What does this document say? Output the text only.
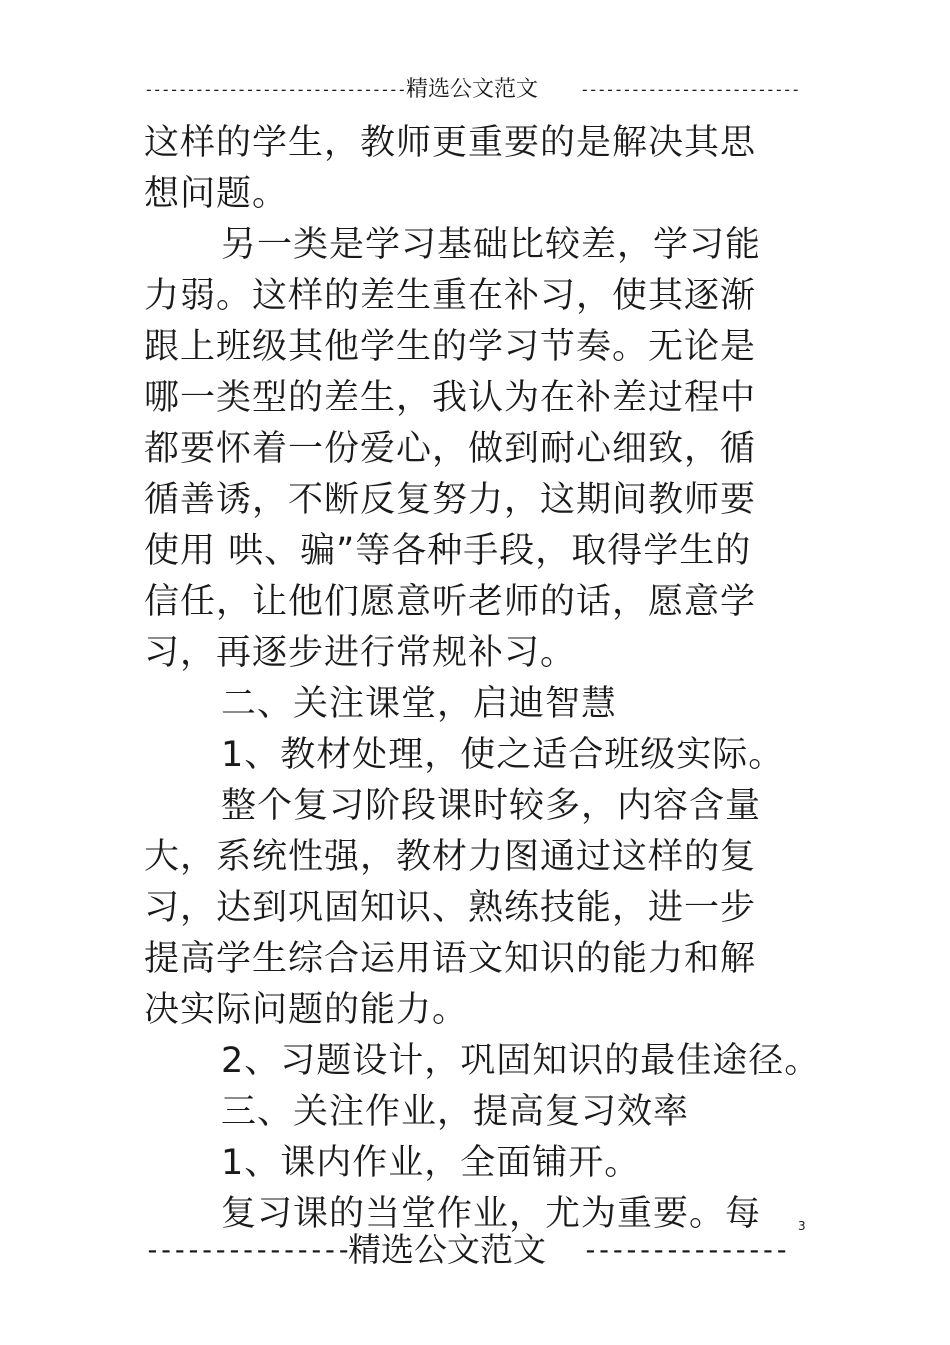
--------------------------------
精选公文范文	--------------------------

这样的学生，教师更重要的是解决其思

想问题。

另一类是学习基础比较差，学习能

力弱。这样的差生重在补习，使其逐渐

跟上班级其他学生的学习节奏。无论是

哪一类型的差生，我认为在补差过程中

都要怀着一份爱心，做到耐心细致，循

循善诱，不断反复努力，这期间教师要

使用 哄、骗”等各种手段，取得学生的

信任，让他们愿意听老师的话，愿意学

习，再逐步进行常规补习。

二、关注课堂，启迪智慧

1、教材处理，使之适合班级实际。

整个复习阶段课时较多，内容含量

大，系统性强，教材力图通过这样的复

习，达到巩固知识、熟练技能，进一步

提高学生综合运用语文知识的能力和解

决实际问题的能力。

2、习题设计，巩固知识的最佳途径。

三、关注作业，提高复习效率

1、课内作业，全面铺开。

复习课的当堂作业，尤为重要。每	3
--------------- 精选公文范文 ---------------
